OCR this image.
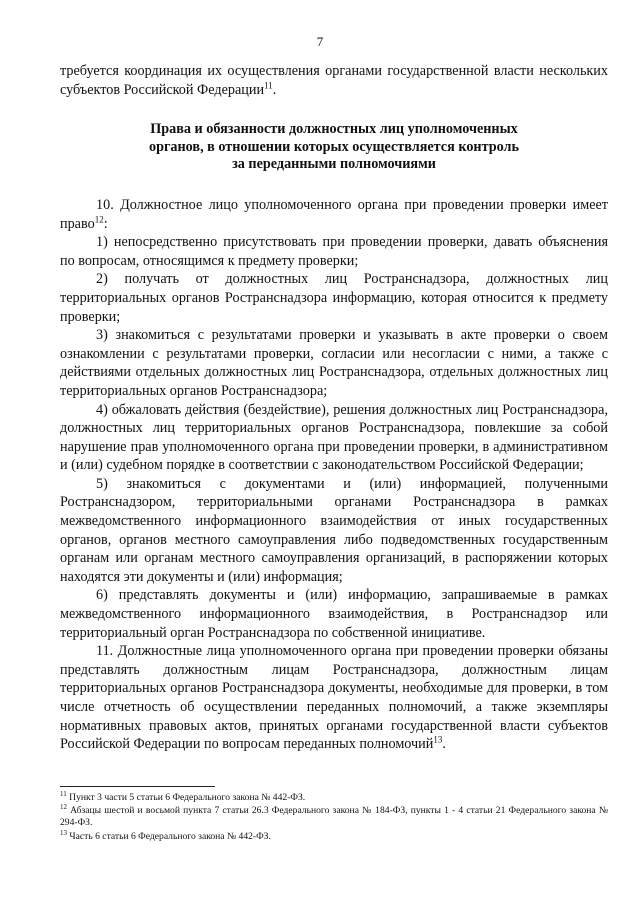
7

требуется координация их осуществления органами государственной власти нескольких субъектов Российской Федерации$^{11}$.

Права и обязанности должностных лиц уполномоченных
органов, в отношении которых осуществляется контроль
за переданными полномочиями

10. Должностное лицо уполномоченного органа при проведении проверки имеет право$^{12}$:

1) непосредственно присутствовать при проведении проверки, давать объяснения по вопросам, относящимся к предмету проверки;

2) получать от должностных лиц Ространснадзора, должностных лиц территориальных органов Ространснадзора информацию, которая относится к предмету проверки;

3) знакомиться с результатами проверки и указывать в акте проверки о своем ознакомлении с результатами проверки, согласии или несогласии с ними, а также с действиями отдельных должностных лиц Ространснадзора, отдельных должностных лиц территориальных органов Ространснадзора;

4) обжаловать действия (бездействие), решения должностных лиц Ространснадзора, должностных лиц территориальных органов Ространснадзора, повлекшие за собой нарушение прав уполномоченного органа при проведении проверки, в административном и (или) судебном порядке в соответствии с законодательством Российской Федерации;

5) знакомиться с документами и (или) информацией, полученными Ространснадзором, территориальными органами Ространснадзора в рамках межведомственного информационного взаимодействия от иных государственных органов, органов местного самоуправления либо подведомственных государственным органам или органам местного самоуправления организаций, в распоряжении которых находятся эти документы и (или) информация;

6) представлять документы и (или) информацию, запрашиваемые в рамках межведомственного информационного взаимодействия, в Ространснадзор или территориальный орган Ространснадзора по собственной инициативе.

11. Должностные лица уполномоченного органа при проведении проверки обязаны представлять должностным лицам Ространснадзора, должностным лицам территориальных органов Ространснадзора документы, необходимые для проверки, в том числе отчетность об осуществлении переданных полномочий, а также экземпляры нормативных правовых актов, принятых органами государственной власти субъектов Российской Федерации по вопросам переданных полномочий$^{13}$.

$^{11}$ Пункт 3 части 5 статьи 6 Федерального закона № 442-ФЗ.

$^{12}$ Абзацы шестой и восьмой пункта 7 статьи 26.3 Федерального закона № 184-ФЗ, пункты 1 - 4 статьи 21 Федерального закона № 294-ФЗ.

$^{13}$ Часть 6 статьи 6 Федерального закона № 442-ФЗ.
